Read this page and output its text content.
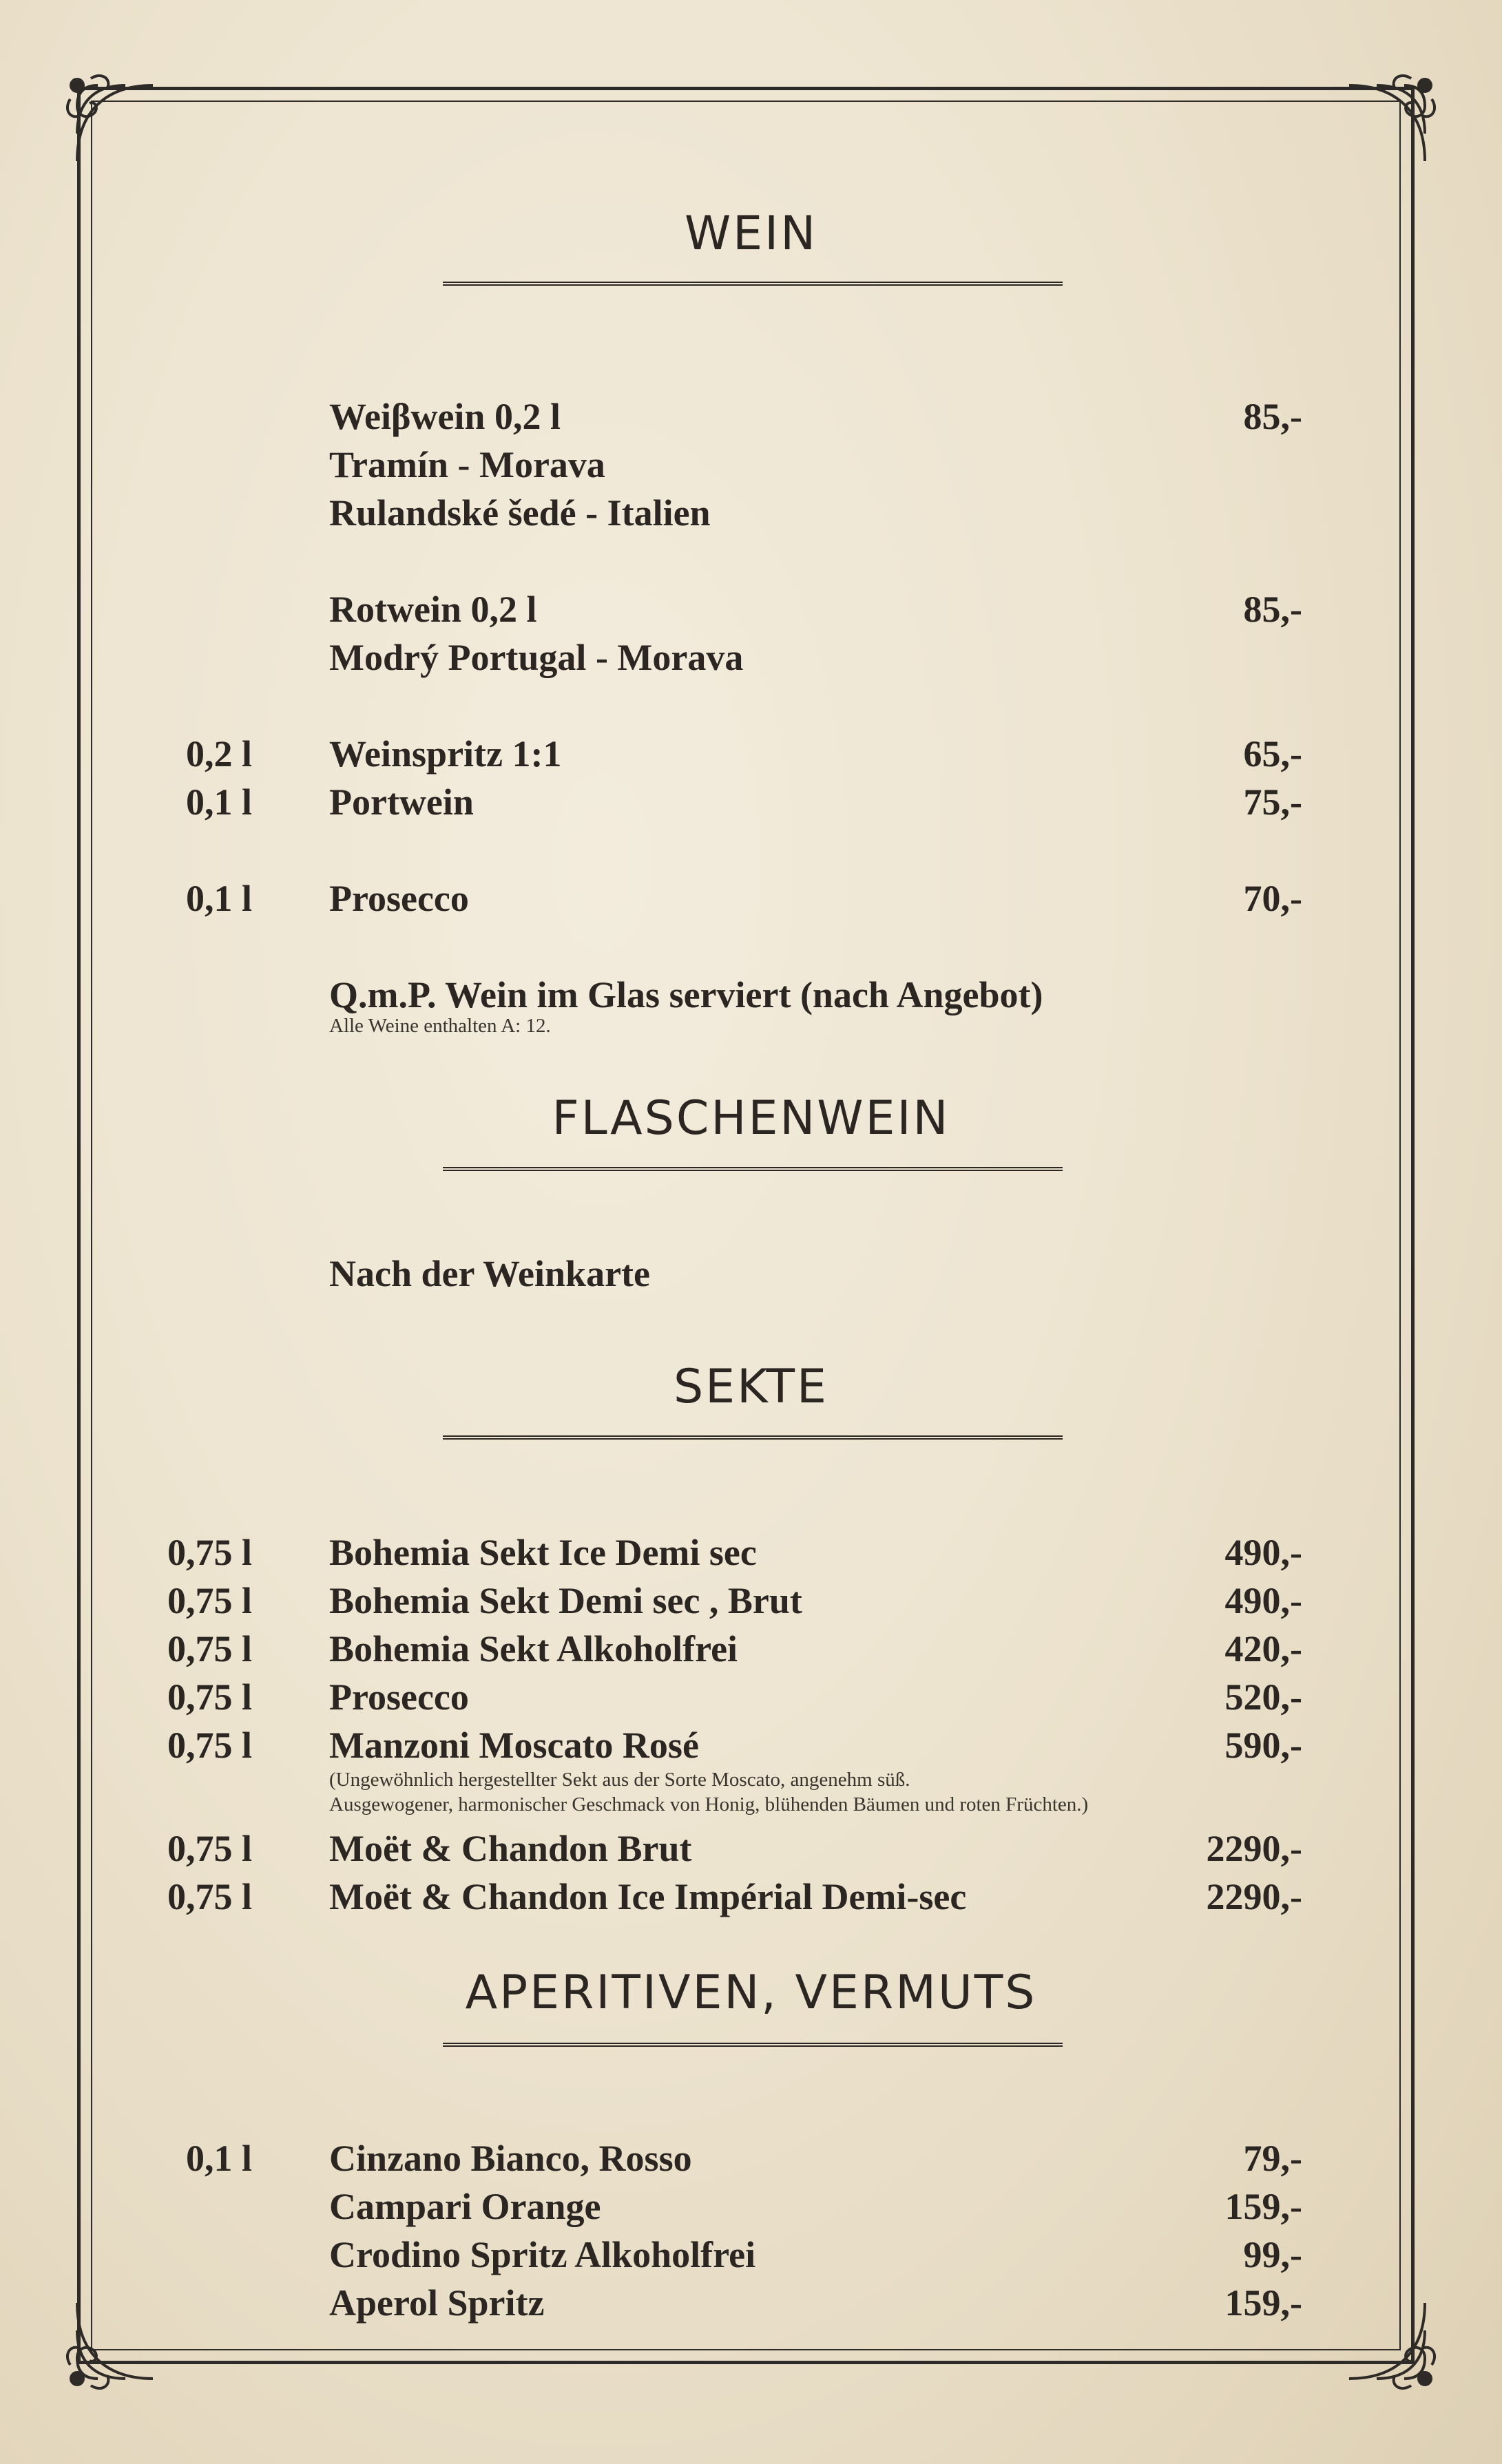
WEIN
Weiβwein 0,2 l	85,-
Tramín - Morava
Rulandské šedé - Italien
Rotwein 0,2 l	85,-
Modrý Portugal - Morava
0,2 l Weinspritz 1:1	65,-
0,1 l Portwein	75,-
0,1 l Prosecco	70,-
Q.m.P. Wein im Glas serviert (nach Angebot)
Alle Weine enthalten A: 12.
FLASCHENWEIN
Nach der Weinkarte
SEKTE
0,75 l Bohemia Sekt Ice Demi sec	490,-
0,75 l Bohemia Sekt Demi sec , Brut	490,-
0,75 l Bohemia Sekt Alkoholfrei	420,-
0,75 l Prosecco	520,-
0,75 l Manzoni Moscato Rosé	590,-
(Ungewöhnlich hergestellter Sekt aus der Sorte Moscato, angenehm süß.
Ausgewogener, harmonischer Geschmack von Honig, blühenden Bäumen und roten Früchten.)
0,75 l Moët & Chandon Brut	2290,-
0,75 l Moët & Chandon Ice Impérial Demi-sec	2290,-
APERITIVEN, VERMUTS
0,1 l Cinzano Bianco, Rosso	79,-
Campari Orange	159,-
Crodino Spritz Alkoholfrei	99,-
Aperol Spritz	159,-
